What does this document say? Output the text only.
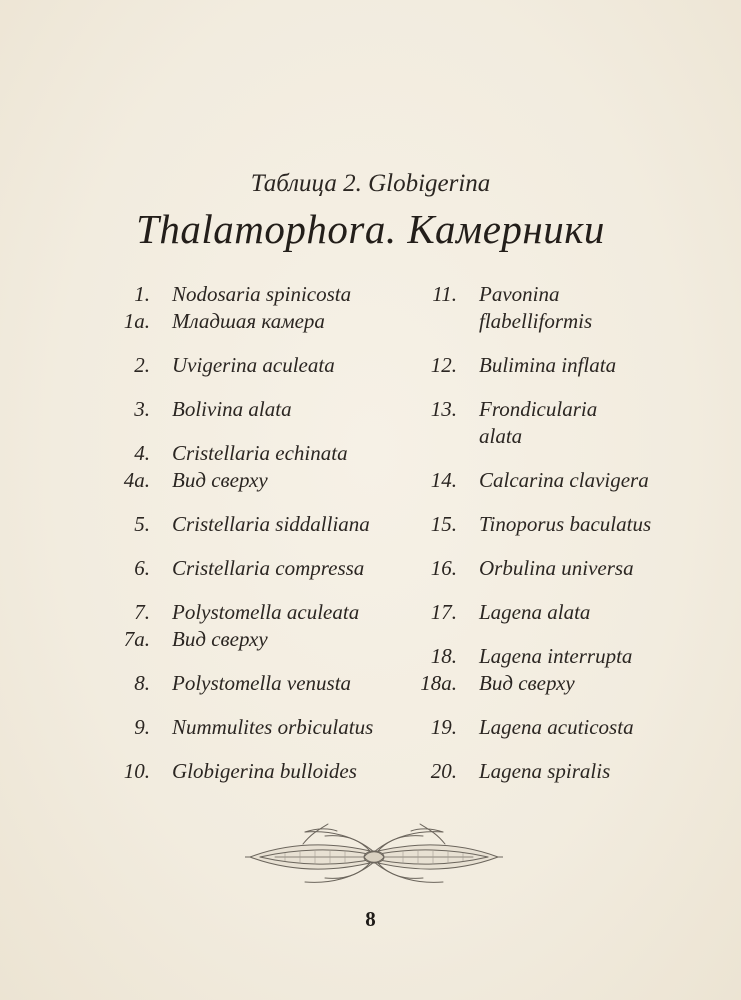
Таблица 2. Globigerina
Thalamophora. Камерники
1. Nodosaria spinicosta
1a. Младшая камера
2. Uvigerina aculeata
3. Bolivina alata
4. Cristellaria echinata
4a. Вид сверху
5. Cristellaria siddalliana
6. Cristellaria compressa
7. Polystomella aculeata
7a. Вид сверху
8. Polystomella venusta
9. Nummulites orbiculatus
10. Globigerina bulloides
11. Pavonina
flabelliformis
12. Bulimina inflata
13. Frondicularia
alata
14. Calcarina clavigera
15. Tinoporus baculatus
16. Orbulina universa
17. Lagena alata
18. Lagena interrupta
18a. Вид сверху
19. Lagena acuticosta
20. Lagena spiralis
8
